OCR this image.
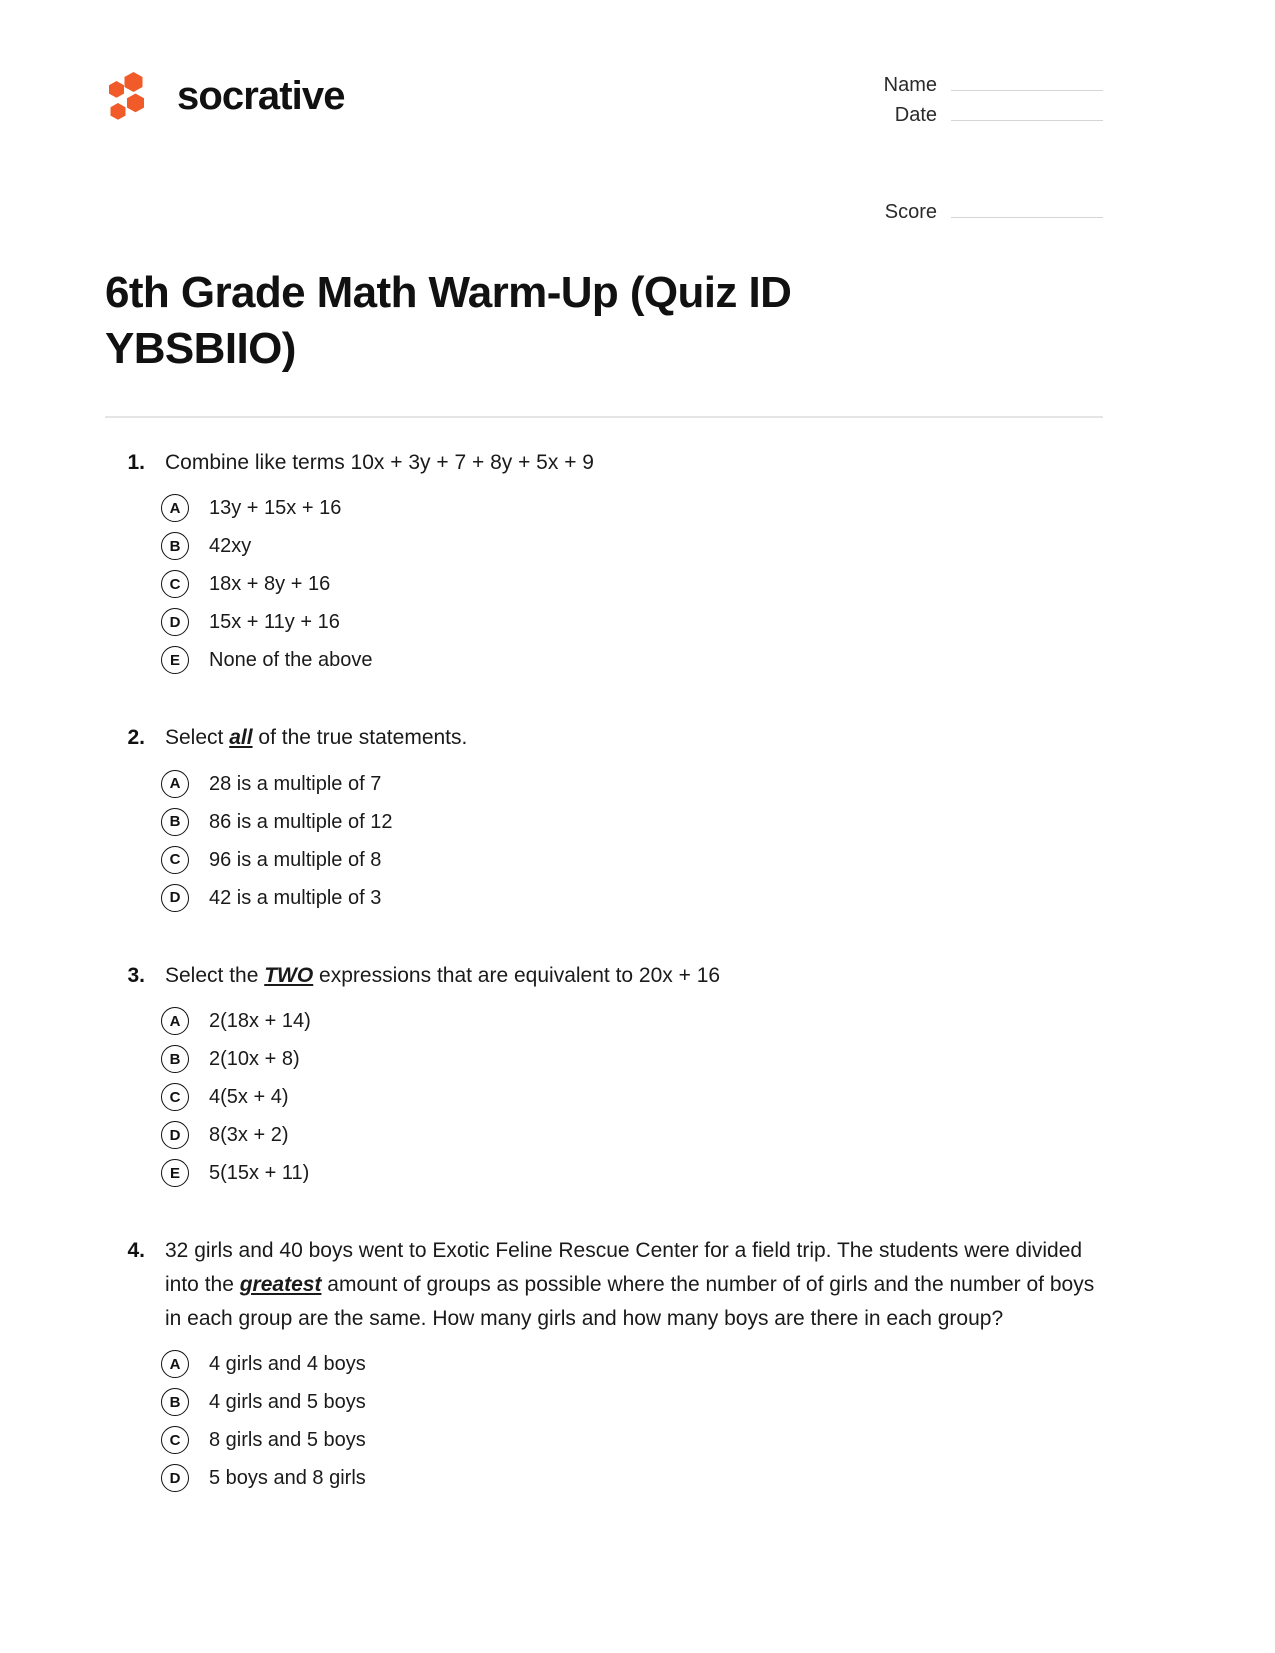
socrative	Name
Date
Score
6th Grade Math Warm-Up (Quiz ID YBSBIIO)
1. Combine like terms 10x + 3y + 7 + 8y + 5x + 9
A	13y + 15x + 16
B	42xy
C	18x + 8y + 16
D	15x + 11y + 16
E	None of the above
2. Select all of the true statements.
A	28 is a multiple of 7
B	86 is a multiple of 12
C	96 is a multiple of 8
D	42 is a multiple of 3
3. Select the TWO expressions that are equivalent to 20x + 16
A	2(18x + 14)
B	2(10x + 8)
C	4(5x + 4)
D	8(3x + 2)
E	5(15x + 11)
4. 32 girls and 40 boys went to Exotic Feline Rescue Center for a field trip. The students were divided into the greatest amount of groups as possible where the number of of girls and the number of boys in each group are the same. How many girls and how many boys are there in each group?
A	4 girls and 4 boys
B	4 girls and 5 boys
C	8 girls and 5 boys
D	5 boys and 8 girls
